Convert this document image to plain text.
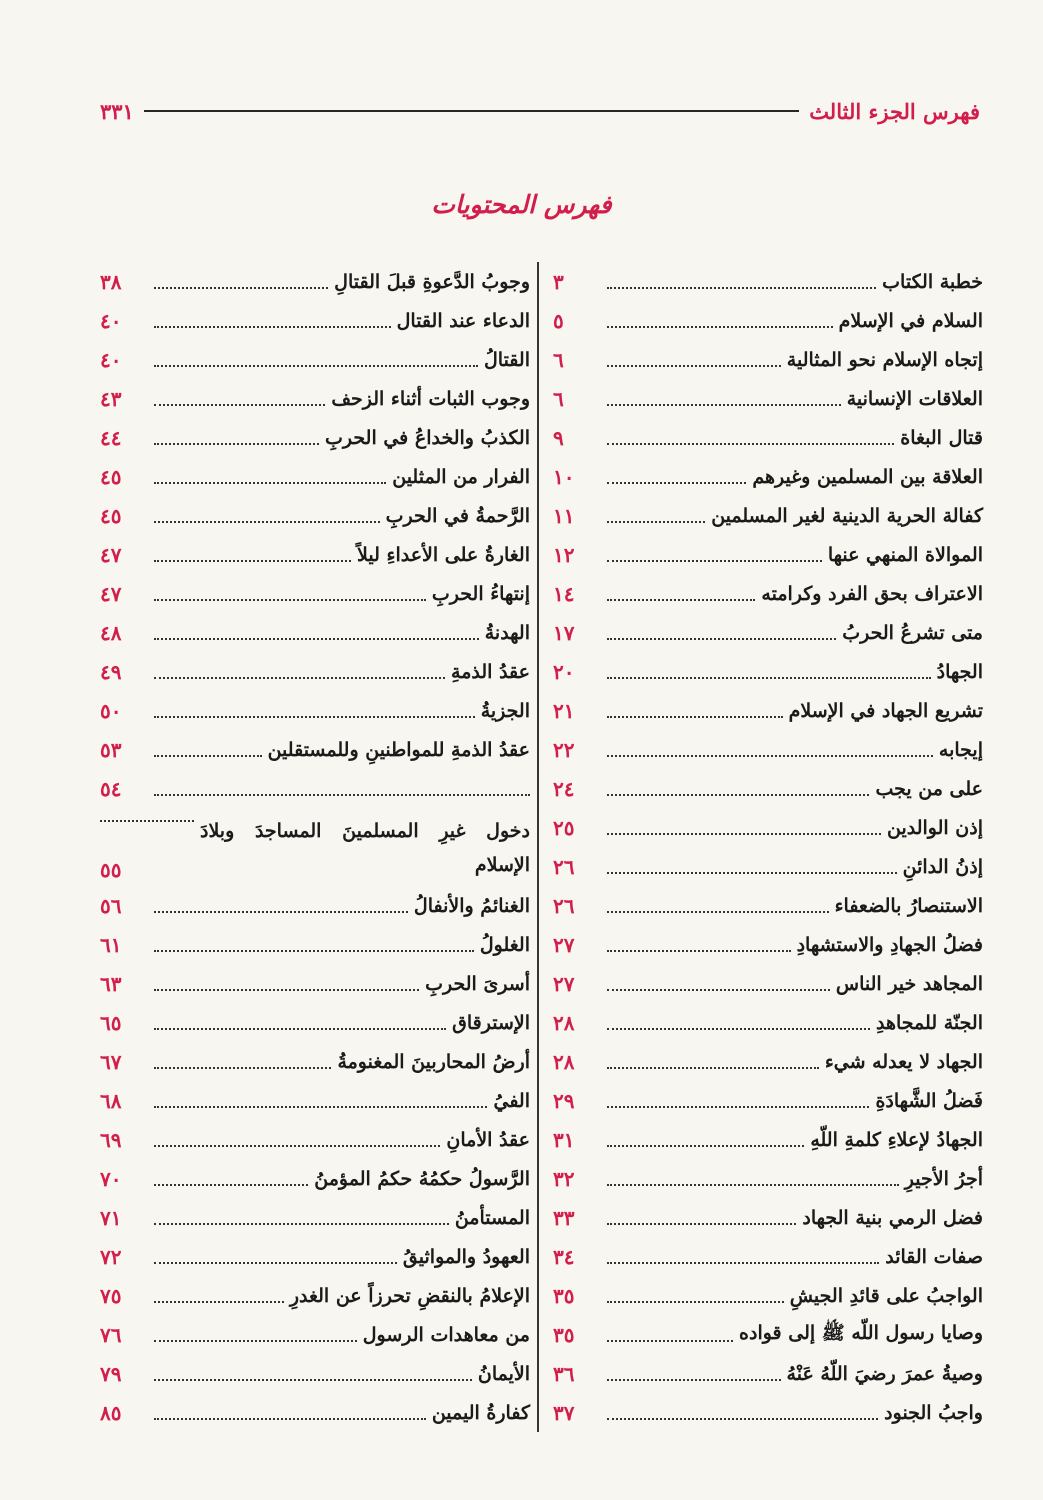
فهرس الجزء الثالث
٣٣١
فهرس المحتويات
خطبة الكتاب
٣
السلام في الإسلام
٥
إتجاه الإسلام نحو المثالية
٦
العلاقات الإنسانية
٦
قتال البغاة
٩
العلاقة بين المسلمين وغيرهم
١٠
كفالة الحرية الدينية لغير المسلمين
١١
الموالاة المنهي عنها
١٢
الاعتراف بحق الفرد وكرامته
١٤
متى تشرعُ الحربُ
١٧
الجهادُ
٢٠
تشريع الجهاد في الإسلام
٢١
إيجابه
٢٢
على من يجب
٢٤
إذن الوالدين
٢٥
إذنُ الدائنِ
٢٦
الاستنصارُ بالضعفاء
٢٦
فضلُ الجهادِ والاستشهادِ
٢٧
المجاهد خير الناس
٢٧
الجنّة للمجاهدِ
٢٨
الجهاد لا يعدله شيء
٢٨
فَضلُ الشَّهادَةِ
٢٩
الجهادُ لإعلاءِ كلمةِ اللّهِ
٣١
أجرُ الأجيرِ
٣٢
فضل الرمي بنية الجهاد
٣٣
صفات القائد
٣٤
الواجبُ على قائدِ الجيشِ
٣٥
وصايا رسول اللّه ﷺ إلى قواده
٣٥
وصيةُ عمرَ رضيَ اللّهُ عَنْهُ
٣٦
واجبُ الجنود
٣٧
وجوبُ الدَّعوةِ قبلَ القتالِ
٣٨
الدعاء عند القتال
٤٠
القتالُ
٤٠
وجوب الثبات أثناء الزحف
٤٣
الكذبُ والخداعُ في الحربِ
٤٤
الفرار من المثلين
٤٥
الرَّحمةُ في الحربِ
٤٥
الغارةُ على الأعداءِ ليلاً
٤٧
إنتهاءُ الحربِ
٤٧
الهدنةُ
٤٨
عقدُ الذمةِ
٤٩
الجزيةُ
٥٠
عقدُ الذمةِ للمواطنينِ وللمستقلين
٥٣
٥٤
دخول غيرِ المسلمينَ المساجدَ وبلادَ الإسلام
٥٥
الغنائمُ والأنفالُ
٥٦
الغلولُ
٦١
أسرىَ الحربِ
٦٣
الإسترقاق
٦٥
أرضُ المحاربينَ المغنومةُ
٦٧
الفيُ
٦٨
عقدُ الأمانِ
٦٩
الرَّسولُ حكمُهُ حكمُ المؤمنُ
٧٠
المستأمنُ
٧١
العهودُ والمواثيقُ
٧٢
الإعلامُ بالنقضِ تحرزاً عن الغدرِ
٧٥
من معاهدات الرسول
٧٦
الأيمانُ
٧٩
كفارةُ اليمين
٨٥
